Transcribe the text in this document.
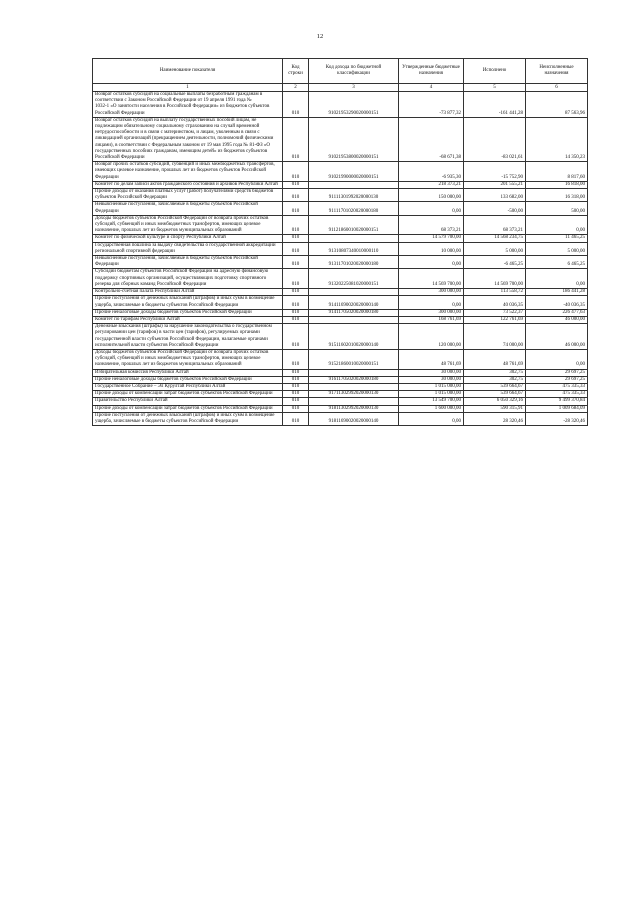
12
Наименование показателя	Код строки	Код дохода по бюджетной классификации	Утвержденные бюджетные назначения	Исполнено	Неисполненные назначения
1	2	3	4	5	6
Возврат остатков субсидий на социальные выплаты безработным гражданам в соответствии с Законом Российской Федерации от 19 апреля 1991 года №
1032-1 «О занятости населения в Российской Федерации» из бюджетов субъектов Российской Федерации	010	91021953290020000151	-73 877,32	-161 441,28	87 563,96
Возврат остатков субсидий на выплату государственных пособий лицам, не подлежащим обязательному социальному страхованию на случай временной нетрудоспособности и в связи с материнством, и лицам, уволенным в связи с ликвидацией организаций (прекращением деятельности, полномочий физическими лицами), в соответствии с Федеральным законом от 19 мая 1995 года № 81-ФЗ «О государственных пособиях гражданам, имеющим детей» из бюджетов субъектов Российской Федерации	010	91021953800020000151	-68 671,38	-83 021,61	14 350,23
Возврат прочих остатков субсидий, субвенций и иных межбюджетных трансфертов, имеющих целевое назначение, прошлых лет из бюджетов субъектов Российской Федерации	010	91021990000020000151	-6 935,30	-15 752,90	8 817,60
Комитет по делам записи актов гражданского состояния и архивов Республики Алтай	010		218 373,21	201 555,21	16 818,00
Прочие доходы от оказания платных услуг (работ) получателями средств бюджетов субъектов Российской Федерации	010	91111301992020000130	150 000,00	133 682,00	16 318,00
Невыясненные поступления, зачисляемые в бюджеты субъектов Российской Федерации	010	91111701020020000180	0,00	-500,00	500,00
Доходы бюджетов субъектов Российской Федерации от возврата прочих остатков субсидий, субвенций и иных межбюджетных трансфертов, имеющих целевое назначение, прошлых лет из бюджетов муниципальных образований	010	91121860010020000151	68 373,21	68 373,21	0,00
Комитет по физической культуре и спорту Республики Алтай	010		14 579 700,00	14 568 234,75	11 465,25
Государственная пошлина за выдачу свидетельства о государственной аккредитации региональной спортивной федерации	010	91310807340010000110	10 000,00	5 000,00	5 000,00
Невыясненные поступления, зачисляемые в бюджеты субъектов Российской Федерации	010	91311701020020000180	0,00	-6 465,25	6 465,25
Субсидии бюджетам субъектов Российской Федерации на адресную финансовую поддержку спортивных организаций, осуществляющих подготовку спортивного резерва для сборных команд Российской Федерации	010	91320225081020000151	14 569 700,00	14 569 700,00	0,00
Контрольно-счетная палата Республики Алтай	010		300 000,00	113 558,72	186 441,28
Прочие поступления от денежных взысканий (штрафов) и иных сумм в возмещение ущерба, зачисляемые в бюджеты субъектов Российской Федерации	010	91411690020020000140	0,00	40 036,35	-40 036,35
Прочие неналоговые доходы бюджетов субъектов Российской Федерации	010	91411705020020000180	300 000,00	73 522,37	226 477,63
Комитет по тарифам Республики Алтай	010		168 761,69	122 761,69	46 000,00
Денежные взыскания (штрафы) за нарушение законодательства о государственном регулировании цен (тарифов) в части цен (тарифов), регулируемых органами государственной власти субъектов Российской Федерации, налагаемые органами исполнительной власти субъектов Российской Федерации	010	91511602010020000140	120 000,00	74 000,00	46 000,00
Доходы бюджетов субъектов Российской Федерации от возврата прочих остатков субсидий, субвенций и иных межбюджетных трансфертов, имеющих целевое назначение, прошлых лет из бюджетов муниципальных образований	010	91521860010020000151	48 761,69	48 761,69	0,00
Избирательная комиссия Республики Алтай	010		30 000,00	302,75	29 697,25
Прочие неналоговые доходы бюджетов субъектов Российской Федерации	010	91611705020020000180	30 000,00	302,75	29 697,25
Государственное Собрание – Эл Курултай Республики Алтай	010		1 015 000,00	539 664,67	475 335,33
Прочие доходы от компенсации затрат бюджетов субъектов Российской Федерации	010	91711302992020000130	1 015 000,00	539 664,67	475 335,33
Правительство Республики Алтай	010		13 549 700,00	6 050 329,16	9 499 370,84
Прочие доходы от компенсации затрат бюджетов субъектов Российской Федерации	010	91811302992020000130	1 600 000,00	590 315,91	1 009 684,09
Прочие поступления от денежных взысканий (штрафов) и иных сумм в возмещение ущерба, зачисляемые в бюджеты субъектов Российской Федерации	010	91811690020020000140	0,00	28 320,46	-28 320,46
